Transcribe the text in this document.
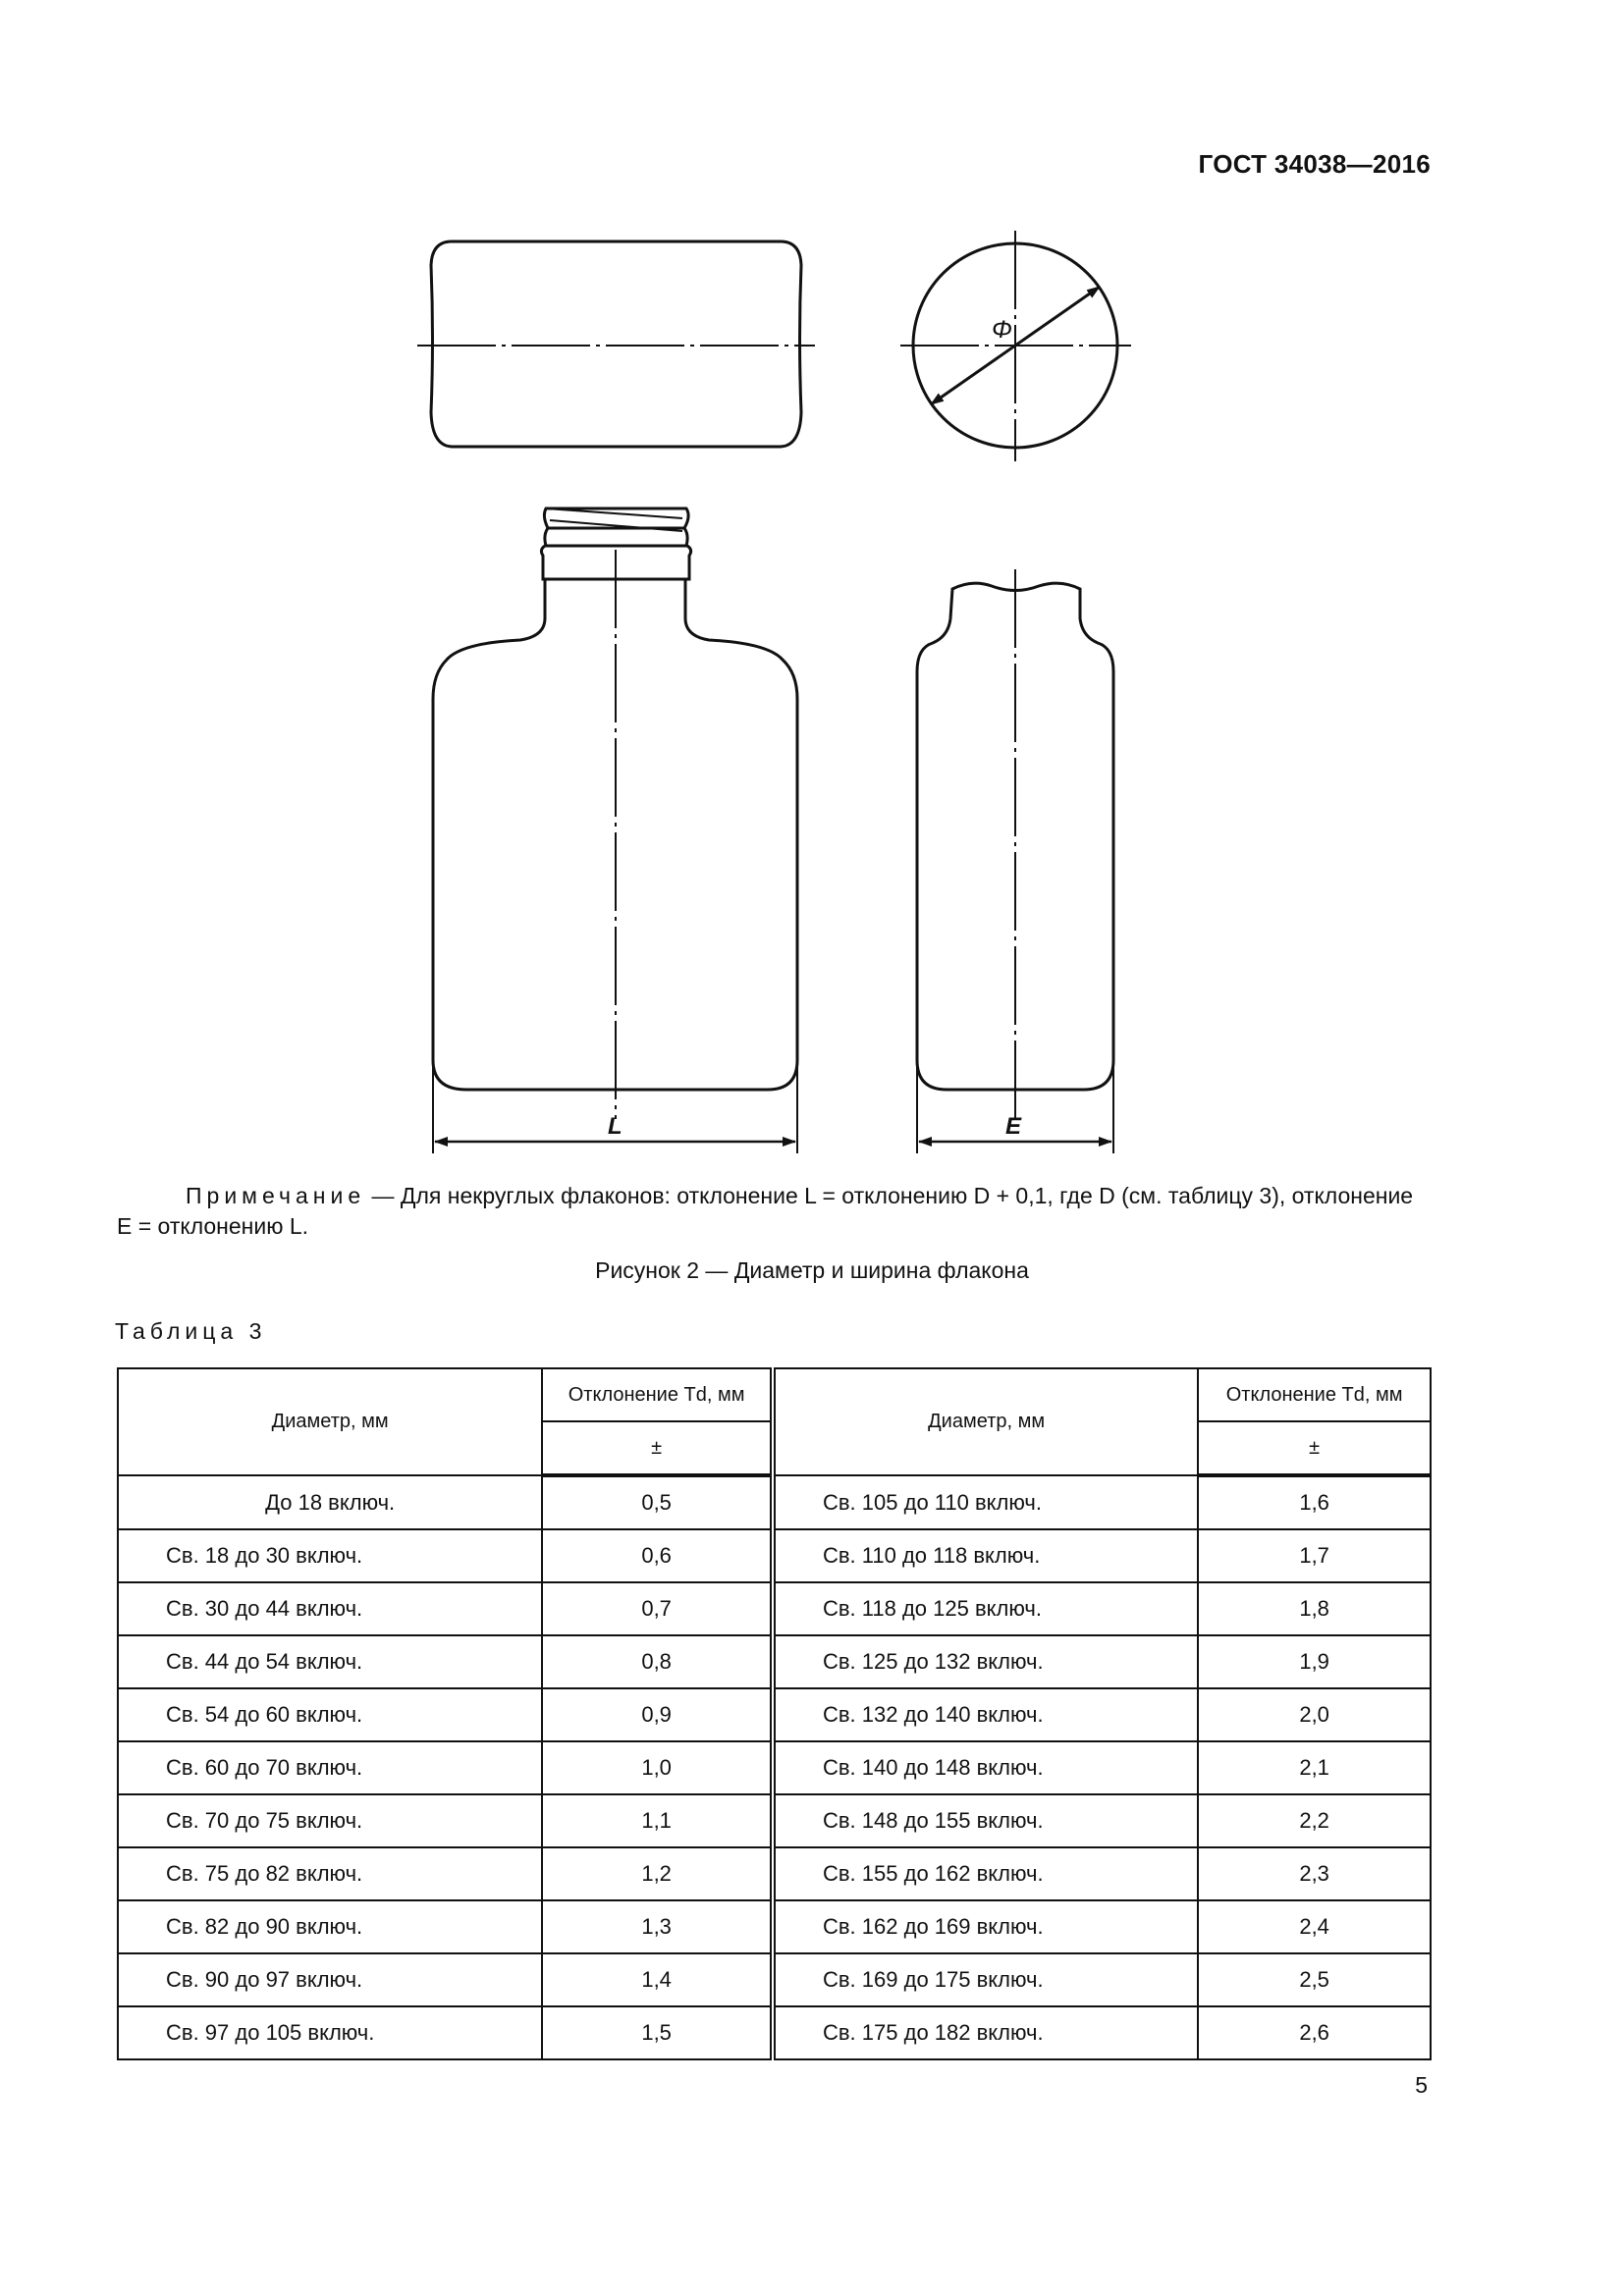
ГОСТ 34038—2016
Φ
L	E
Примечание — Для некруглых флаконов: отклонение L = отклонению D + 0,1, где D (см. таблицу 3), отклонение E = отклонению L.
Рисунок 2 — Диаметр и ширина флакона
Таблица 3
Диаметр, мм	Отклонение Td, мм	Диаметр, мм	Отклонение Td, мм
	±		±
До 18 включ.	0,5	Св. 105 до 110 включ.	1,6
Св. 18 до 30 включ.	0,6	Св. 110 до 118 включ.	1,7
Св. 30 до 44 включ.	0,7	Св. 118 до 125 включ.	1,8
Св. 44 до 54 включ.	0,8	Св. 125 до 132 включ.	1,9
Св. 54 до 60 включ.	0,9	Св. 132 до 140 включ.	2,0
Св. 60 до 70 включ.	1,0	Св. 140 до 148 включ.	2,1
Св. 70 до 75 включ.	1,1	Св. 148 до 155 включ.	2,2
Св. 75 до 82 включ.	1,2	Св. 155 до 162 включ.	2,3
Св. 82 до 90 включ.	1,3	Св. 162 до 169 включ.	2,4
Св. 90 до 97 включ.	1,4	Св. 169 до 175 включ.	2,5
Св. 97 до 105 включ.	1,5	Св. 175 до 182 включ.	2,6
5
